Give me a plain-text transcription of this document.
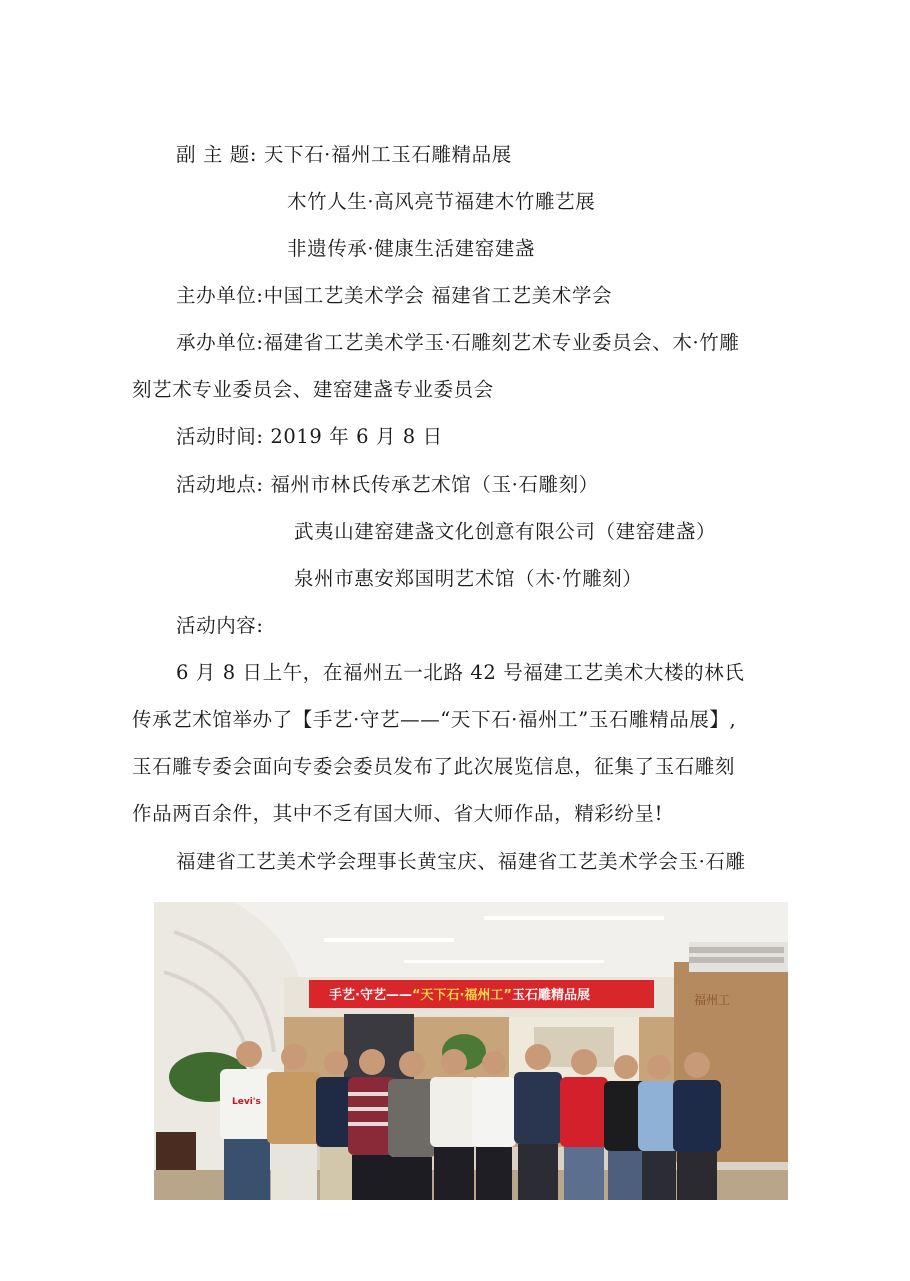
副 主 题: 天下石·福州工玉石雕精品展
木竹人生·高风亮节福建木竹雕艺展
非遗传承·健康生活建窑建盏
主办单位:中国工艺美术学会 福建省工艺美术学会
承办单位:福建省工艺美术学玉·石雕刻艺术专业委员会、木·竹雕
刻艺术专业委员会、建窑建盏专业委员会
活动时间: 2019 年 6 月 8 日
活动地点: 福州市林氏传承艺术馆（玉·石雕刻）
武夷山建窑建盏文化创意有限公司（建窑建盏）
泉州市惠安郑国明艺术馆（木·竹雕刻）
活动内容:
6 月 8 日上午，在福州五一北路 42 号福建工艺美术大楼的林氏
传承艺术馆举办了【手艺·守艺——“天下石·福州工”玉石雕精品展】,
玉石雕专委会面向专委会委员发布了此次展览信息，征集了玉石雕刻
作品两百余件，其中不乏有国大师、省大师作品，精彩纷呈!
福建省工艺美术学会理事长黄宝庆、福建省工艺美术学会玉·石雕
福州工
手艺·守艺——“天下石·福州工”玉石雕精品展
Levi's
